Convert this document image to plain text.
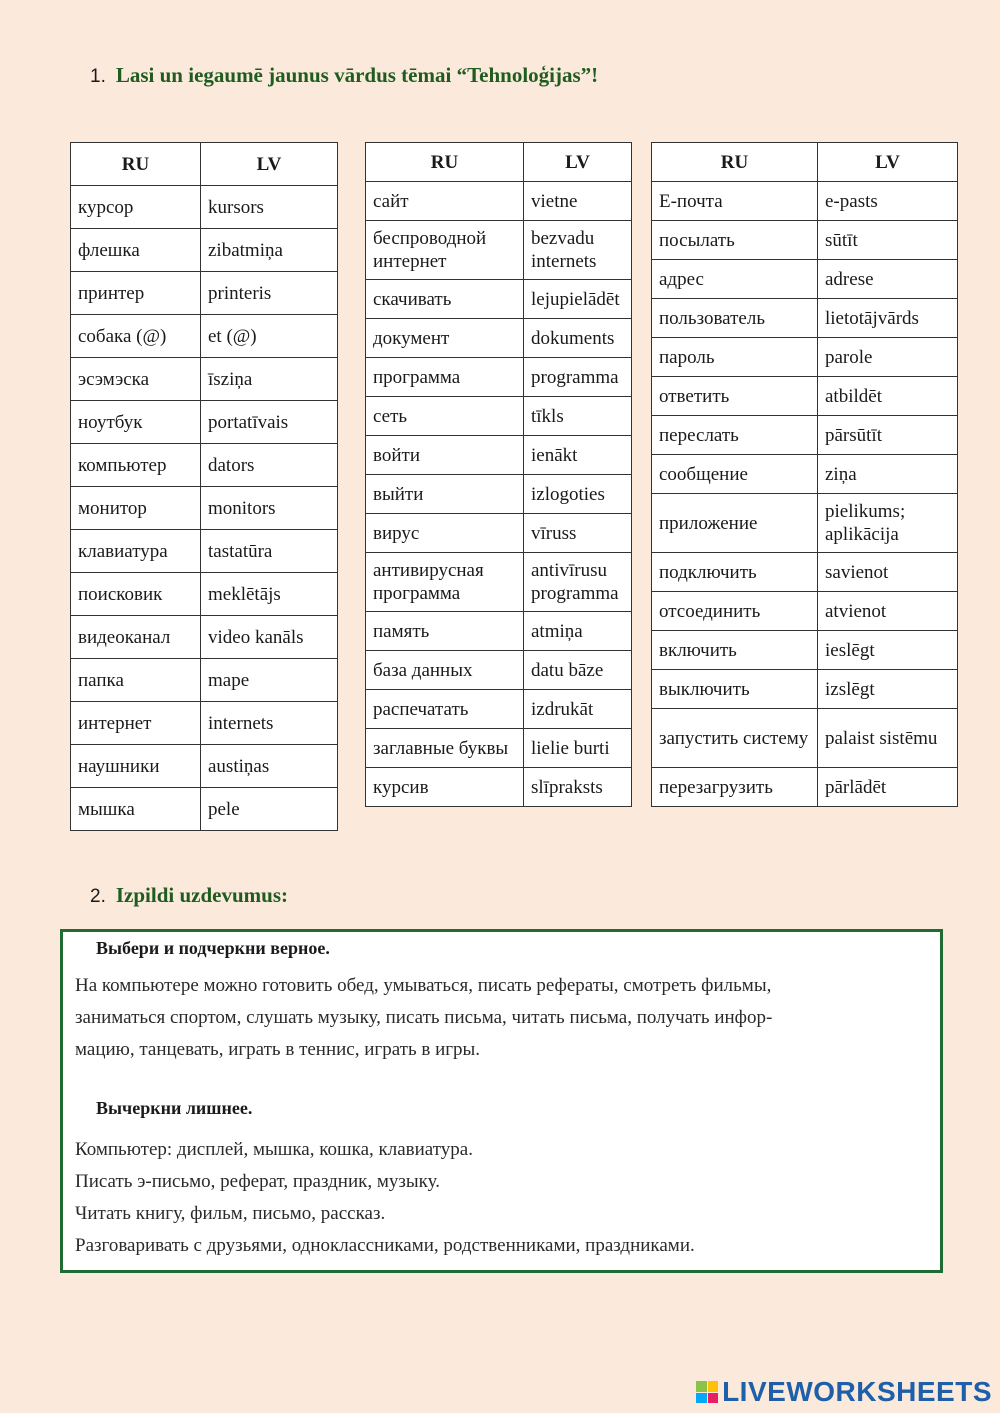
1. Lasi un iegaumē jaunus vārdus tēmai “Tehnoloģijas”!
RU	LV
курсор	kursors
флешка	zibatmiņa
принтер	printeris
собака (@)	et (@)
эсэмэска	īsziņa
ноутбук	portatīvais
компьютер	dators
монитор	monitors
клавиатура	tastatūra
поисковик	meklētājs
видеоканал	video kanāls
папка	mape
интернет	internets
наушники	austiņas
мышка	pele
RU	LV
сайт	vietne
беспроводной интернет	bezvadu internets
скачивать	lejupielādēt
документ	dokuments
программа	programma
сеть	tīkls
войти	ienākt
выйти	izlogoties
вирус	vīruss
антивирусная программа	antivīrusu programma
память	atmiņa
база данных	datu bāze
распечатать	izdrukāt
заглавные буквы	lielie burti
курсив	slīpraksts
RU	LV
Е-почта	e-pasts
посылать	sūtīt
адрес	adrese
пользователь	lietotājvārds
пароль	parole
ответить	atbildēt
переслать	pārsūtīt
сообщение	ziņa
приложение	pielikums; aplikācija
подключить	savienot
отсоединить	atvienot
включить	ieslēgt
выключить	izslēgt
запустить систему	palaist sistēmu
перезагрузить	pārlādēt
2. Izpildi uzdevumus:
Выбери и подчеркни верное.
На компьютере можно готовить обед, умываться, писать рефераты, смотреть фильмы,
заниматься спортом, слушать музыку, писать письма, читать письма, получать инфор-
мацию, танцевать, играть в теннис, играть в игры.
Вычеркни лишнее.
Компьютер: дисплей, мышка, кошка, клавиатура.
Писать э-письмо, реферат, праздник, музыку.
Читать книгу, фильм, письмо, рассказ.
Разговаривать с друзьями, одноклассниками, родственниками, праздниками.
LIVEWORKSHEETS
